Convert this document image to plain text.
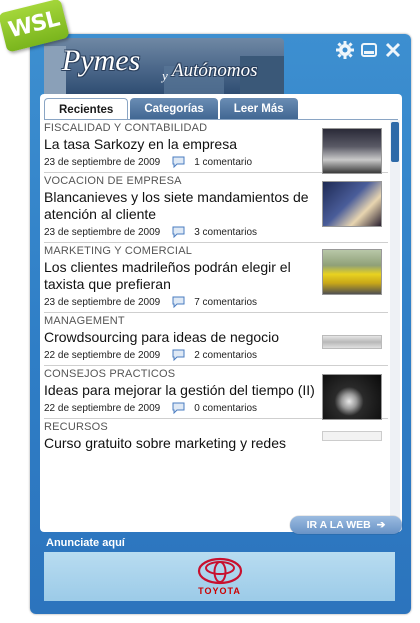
WSL
Pymes y Autónomos
Recientes	Categorías	Leer Más
FISCALIDAD Y CONTABILIDAD
La tasa Sarkozy en la empresa
23 de septiembre de 2009	1 comentario
VOCACION DE EMPRESA
Blancanieves y los siete mandamientos de atención al cliente
23 de septiembre de 2009	3 comentarios
MARKETING Y COMERCIAL
Los clientes madrileños podrán elegir el taxista que prefieran
23 de septiembre de 2009	7 comentarios
MANAGEMENT
Crowdsourcing para ideas de negocio
22 de septiembre de 2009	2 comentarios
CONSEJOS PRACTICOS
Ideas para mejorar la gestión del tiempo (II)
22 de septiembre de 2009	0 comentarios
RECURSOS
Curso gratuito sobre marketing y redes
IR A LA WEB  ➔
Anunciate aquí
TOYOTA
